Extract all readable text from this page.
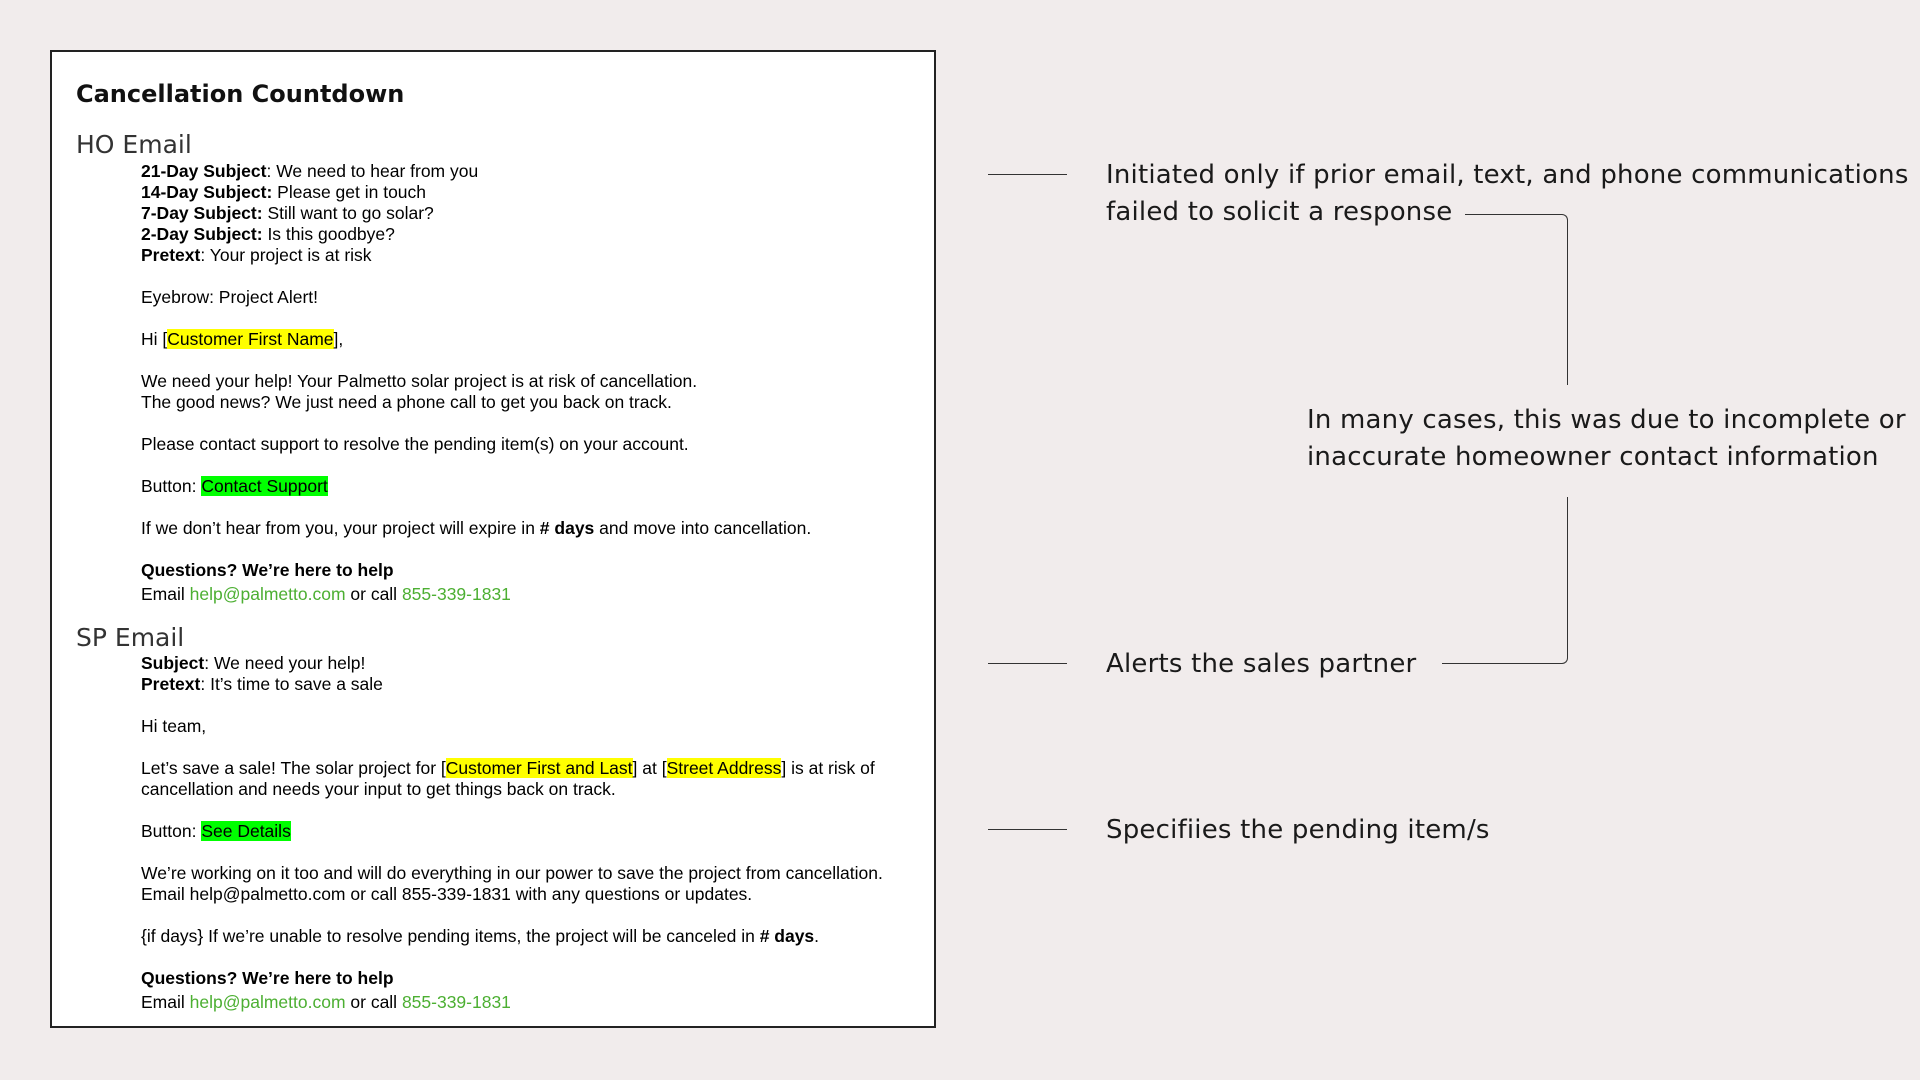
Cancellation Countdown
HO Email
21-Day Subject: We need to hear from you
14-Day Subject: Please get in touch
7-Day Subject: Still want to go solar?
2-Day Subject: Is this goodbye?
Pretext: Your project is at risk
Eyebrow: Project Alert!
Hi [Customer First Name],
We need your help! Your Palmetto solar project is at risk of cancellation.
The good news? We just need a phone call to get you back on track.
Please contact support to resolve the pending item(s) on your account.
Button: Contact Support
If we don’t hear from you, your project will expire in # days and move into cancellation.
Questions? We’re here to help
Email help@palmetto.com or call 855-339-1831
SP Email
Subject: We need your help!
Pretext: It’s time to save a sale
Hi team,
Let’s save a sale! The solar project for [Customer First and Last] at [Street Address] is at risk of
cancellation and needs your input to get things back on track.
Button: See Details
We’re working on it too and will do everything in our power to save the project from cancellation.
Email help@palmetto.com or call 855-339-1831 with any questions or updates.
{if days} If we’re unable to resolve pending items, the project will be canceled in # days.
Questions? We’re here to help
Email help@palmetto.com or call 855-339-1831
Initiated only if prior email, text, and phone communications
failed to solicit a response
In many cases, this was due to incomplete or
inaccurate homeowner contact information
Alerts the sales partner
Specifiies the pending item/s
